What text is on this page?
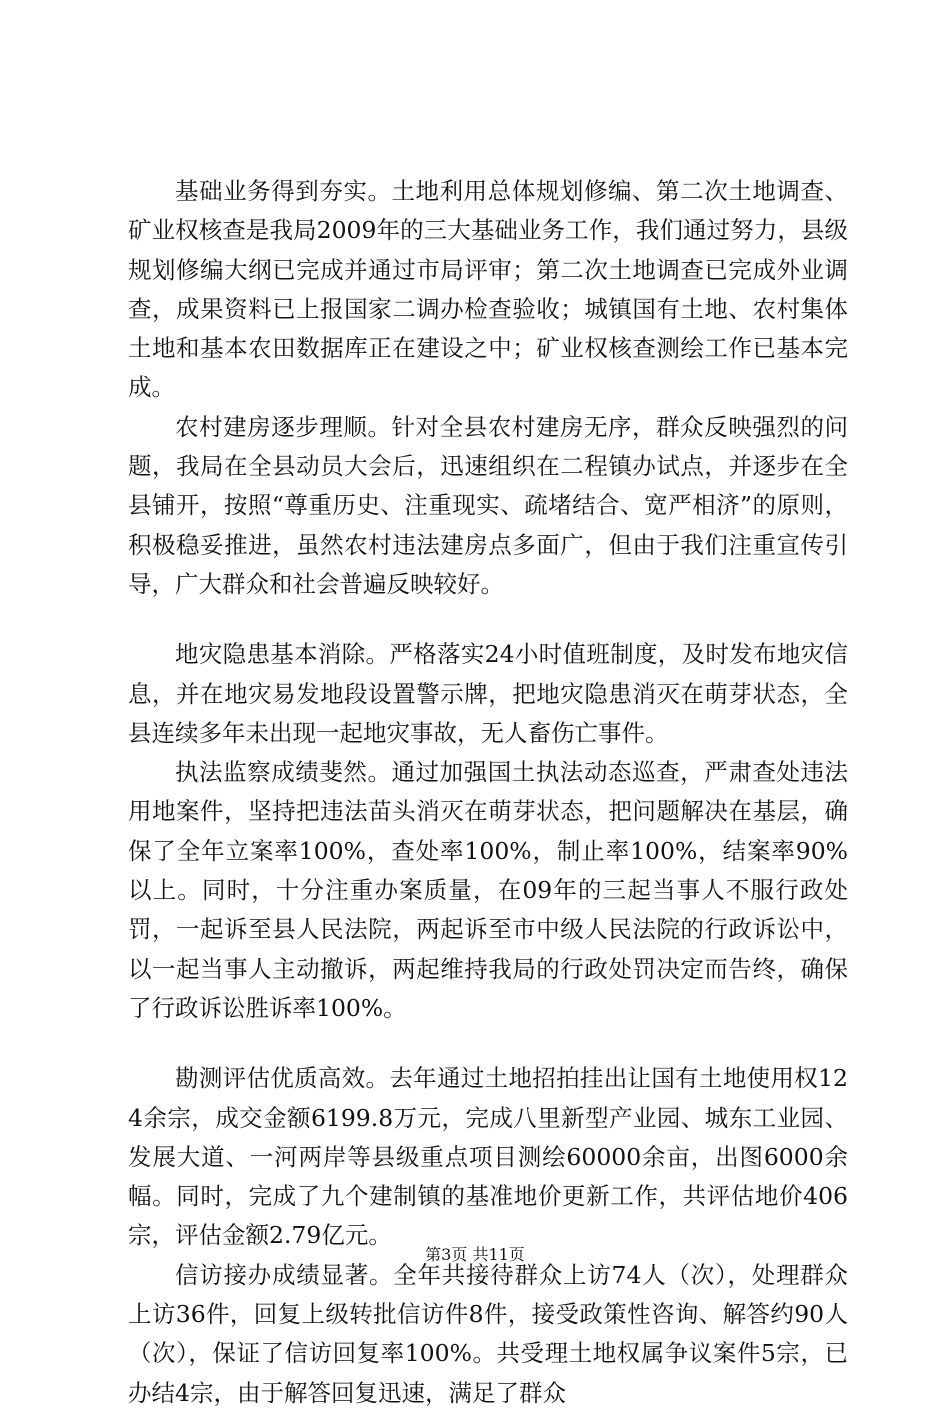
基础业务得到夯实。土地利用总体规划修编、第二次土地调查、矿业权核查是我局2009年的三大基础业务工作，我们通过努力，县级规划修编大纲已完成并通过市局评审；第二次土地调查已完成外业调查，成果资料已上报国家二调办检查验收；城镇国有土地、农村集体土地和基本农田数据库正在建设之中；矿业权核查测绘工作已基本完成。

农村建房逐步理顺。针对全县农村建房无序，群众反映强烈的问题，我局在全县动员大会后，迅速组织在二程镇办试点，并逐步在全县铺开，按照“尊重历史、注重现实、疏堵结合、宽严相济”的原则，积极稳妥推进，虽然农村违法建房点多面广，但由于我们注重宣传引导，广大群众和社会普遍反映较好。

地灾隐患基本消除。严格落实24小时值班制度，及时发布地灾信息，并在地灾易发地段设置警示牌，把地灾隐患消灭在萌芽状态，全县连续多年未出现一起地灾事故，无人畜伤亡事件。

执法监察成绩斐然。通过加强国土执法动态巡查，严肃查处违法用地案件，坚持把违法苗头消灭在萌芽状态，把问题解决在基层，确保了全年立案率100%，查处率100%，制止率100%，结案率90%以上。同时，十分注重办案质量，在09年的三起当事人不服行政处罚，一起诉至县人民法院，两起诉至市中级人民法院的行政诉讼中，以一起当事人主动撤诉，两起维持我局的行政处罚决定而告终，确保了行政诉讼胜诉率100%。

勘测评估优质高效。去年通过土地招拍挂出让国有土地使用权124余宗，成交金额6199.8万元，完成八里新型产业园、城东工业园、发展大道、一河两岸等县级重点项目测绘60000余亩，出图6000余幅。同时，完成了九个建制镇的基准地价更新工作，共评估地价406宗，评估金额2.79亿元。

信访接办成绩显著。全年共接待群众上访74人（次），处理群众上访36件，回复上级转批信访件8件，接受政策性咨询、解答约90人（次），保证了信访回复率100%。共受理土地权属争议案件5宗，已办结4宗，由于解答回复迅速，满足了群众

第3页 共11页
